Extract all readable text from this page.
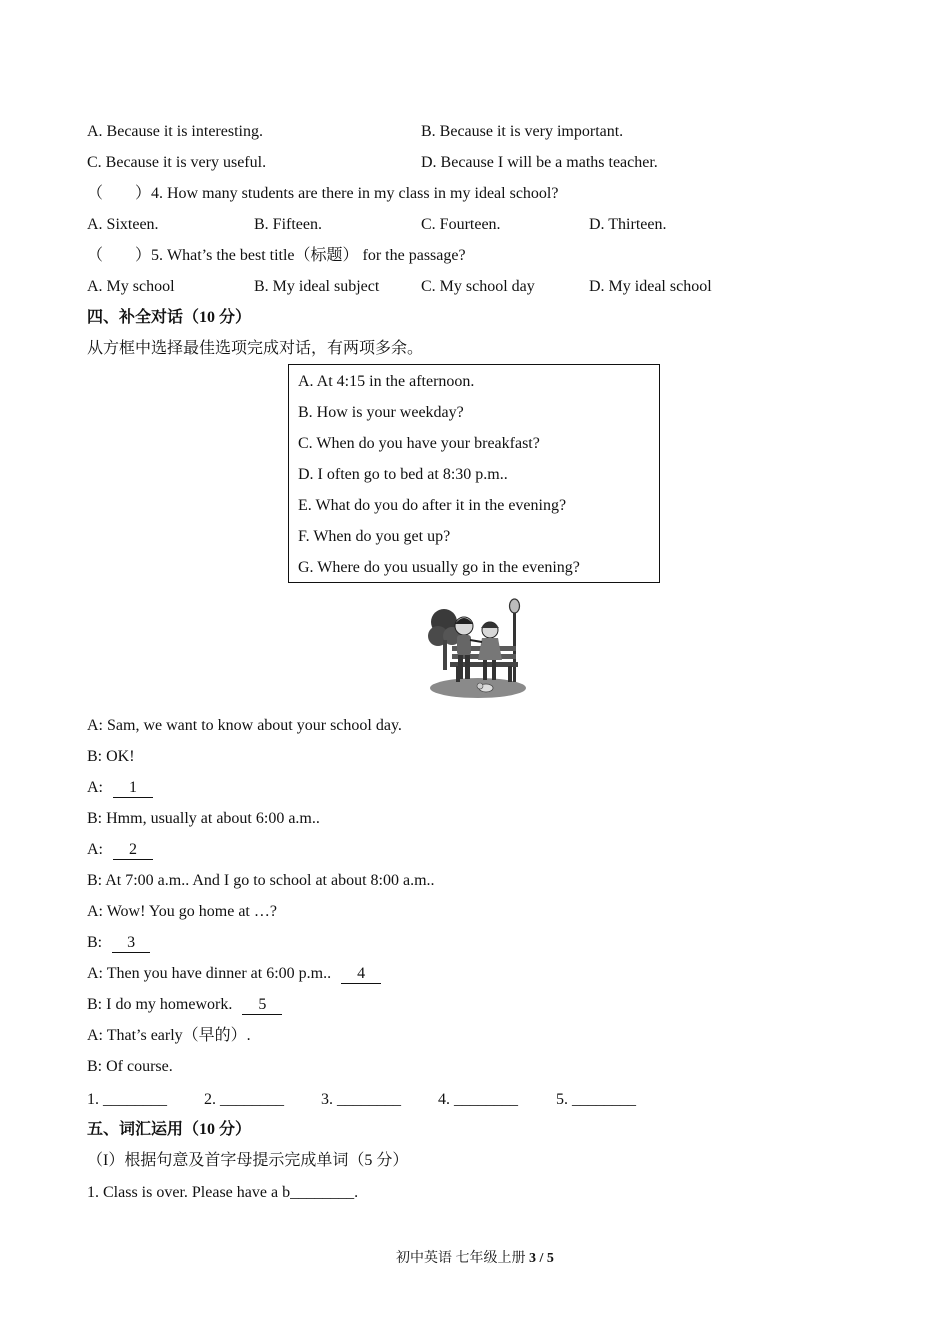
A. Because it is interesting.	B. Because it is very important.
C. Because it is very useful.	D. Because I will be a maths teacher.
（　　）4. How many students are there in my class in my ideal school?
A. Sixteen.	B. Fifteen.	C. Fourteen.	D. Thirteen.
（　　）5. What’s the best title（标题） for the passage?
A. My school	B. My ideal subject	C. My school day	D. My ideal school
四、补全对话（10 分）
从方框中选择最佳选项完成对话，有两项多余。
A. At 4:15 in the afternoon.
B. How is your weekday?
C. When do you have your breakfast?
D. I often go to bed at 8:30 p.m..
E. What do you do after it in the evening?
F. When do you get up?
G. Where do you usually go in the evening?
A: Sam, we want to know about your school day.
B: OK!
A: 1
B: Hmm, usually at about 6:00 a.m..
A: 2
B: At 7:00 a.m.. And I go to school at about 8:00 a.m..
A: Wow! You go home at …?
B: 3
A: Then you have dinner at 6:00 p.m.. 4
B: I do my homework. 5
A: That’s early（早的）.
B: Of course.
1. ________ 2. ________ 3. ________ 4. ________ 5. ________
五、词汇运用（10 分）
（I）根据句意及首字母提示完成单词（5 分）
1. Class is over. Please have a b________.
初中英语 七年级上册 3 / 5
